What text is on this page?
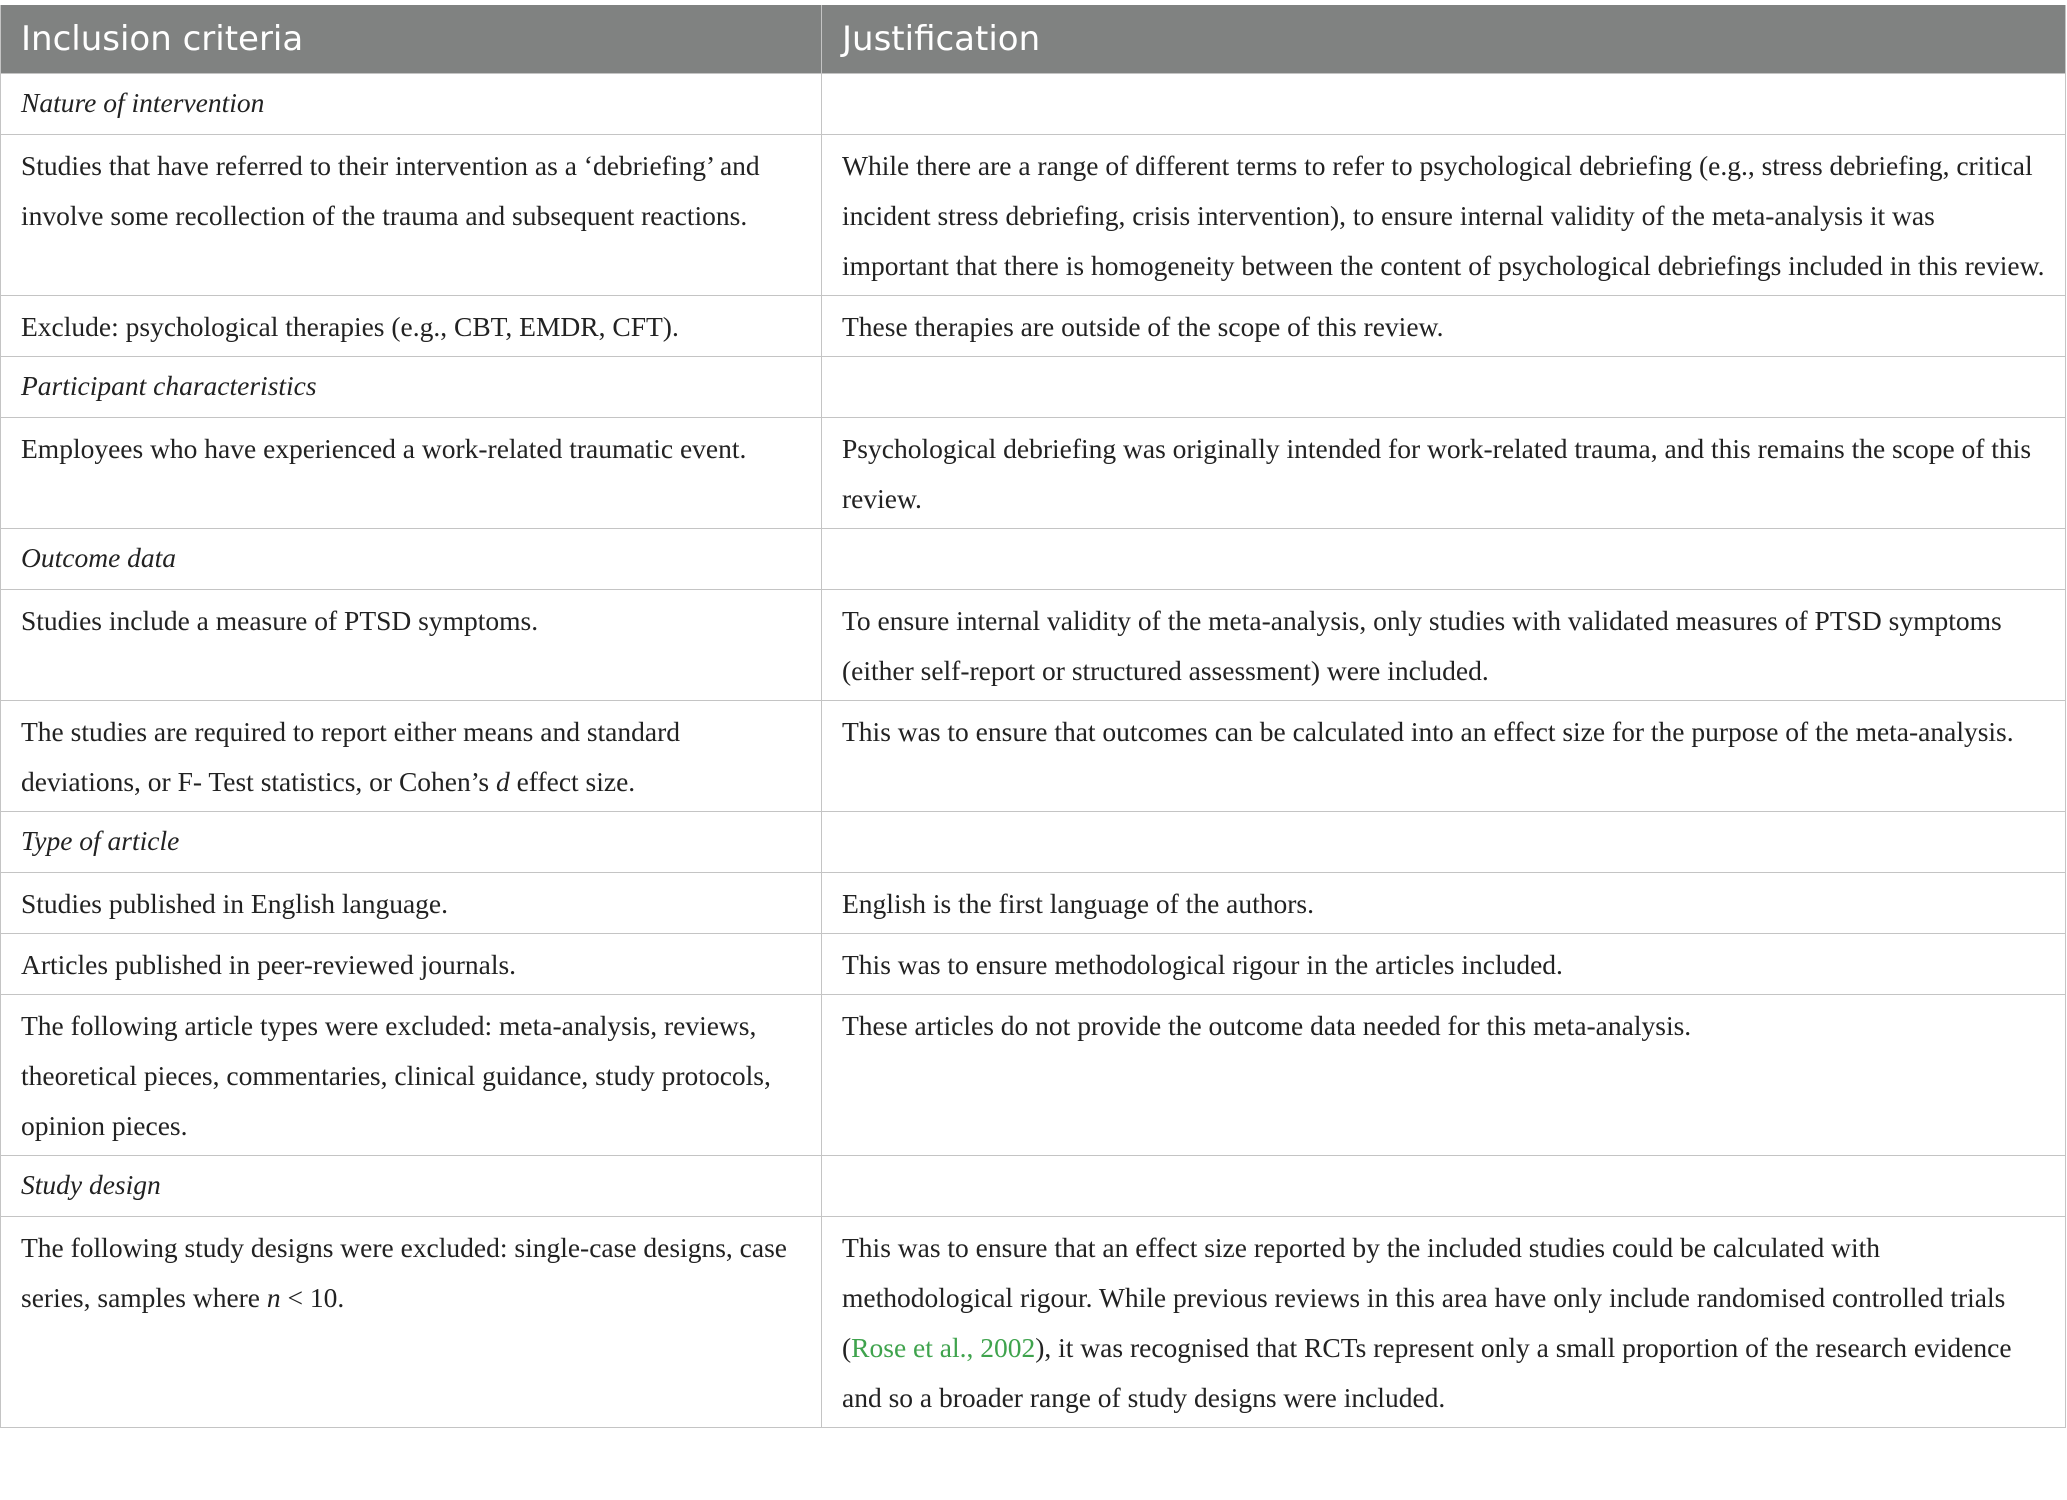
Inclusion criteria	Justification
Nature of intervention	
Studies that have referred to their intervention as a ‘debriefing’ and involve some recollection of the trauma and subsequent reactions.	While there are a range of different terms to refer to psychological debriefing (e.g., stress debriefing, critical incident stress debriefing, crisis intervention), to ensure internal validity of the meta-analysis it was important that there is homogeneity between the content of psychological debriefings included in this review.
Exclude: psychological therapies (e.g., CBT, EMDR, CFT).	These therapies are outside of the scope of this review.
Participant characteristics	
Employees who have experienced a work-related traumatic event.	Psychological debriefing was originally intended for work-related trauma, and this remains the scope of this review.
Outcome data	
Studies include a measure of PTSD symptoms.	To ensure internal validity of the meta-analysis, only studies with validated measures of PTSD symptoms (either self-report or structured assessment) were included.
The studies are required to report either means and standard deviations, or F- Test statistics, or Cohen’s d effect size.	This was to ensure that outcomes can be calculated into an effect size for the purpose of the meta-analysis.
Type of article	
Studies published in English language.	English is the first language of the authors.
Articles published in peer-reviewed journals.	This was to ensure methodological rigour in the articles included.
The following article types were excluded: meta-analysis, reviews, theoretical pieces, commentaries, clinical guidance, study protocols, opinion pieces.	These articles do not provide the outcome data needed for this meta-analysis.
Study design	
The following study designs were excluded: single-case designs, case series, samples where n < 10.	This was to ensure that an effect size reported by the included studies could be calculated with methodological rigour. While previous reviews in this area have only include randomised controlled trials (Rose et al., 2002), it was recognised that RCTs represent only a small proportion of the research evidence and so a broader range of study designs were included.
